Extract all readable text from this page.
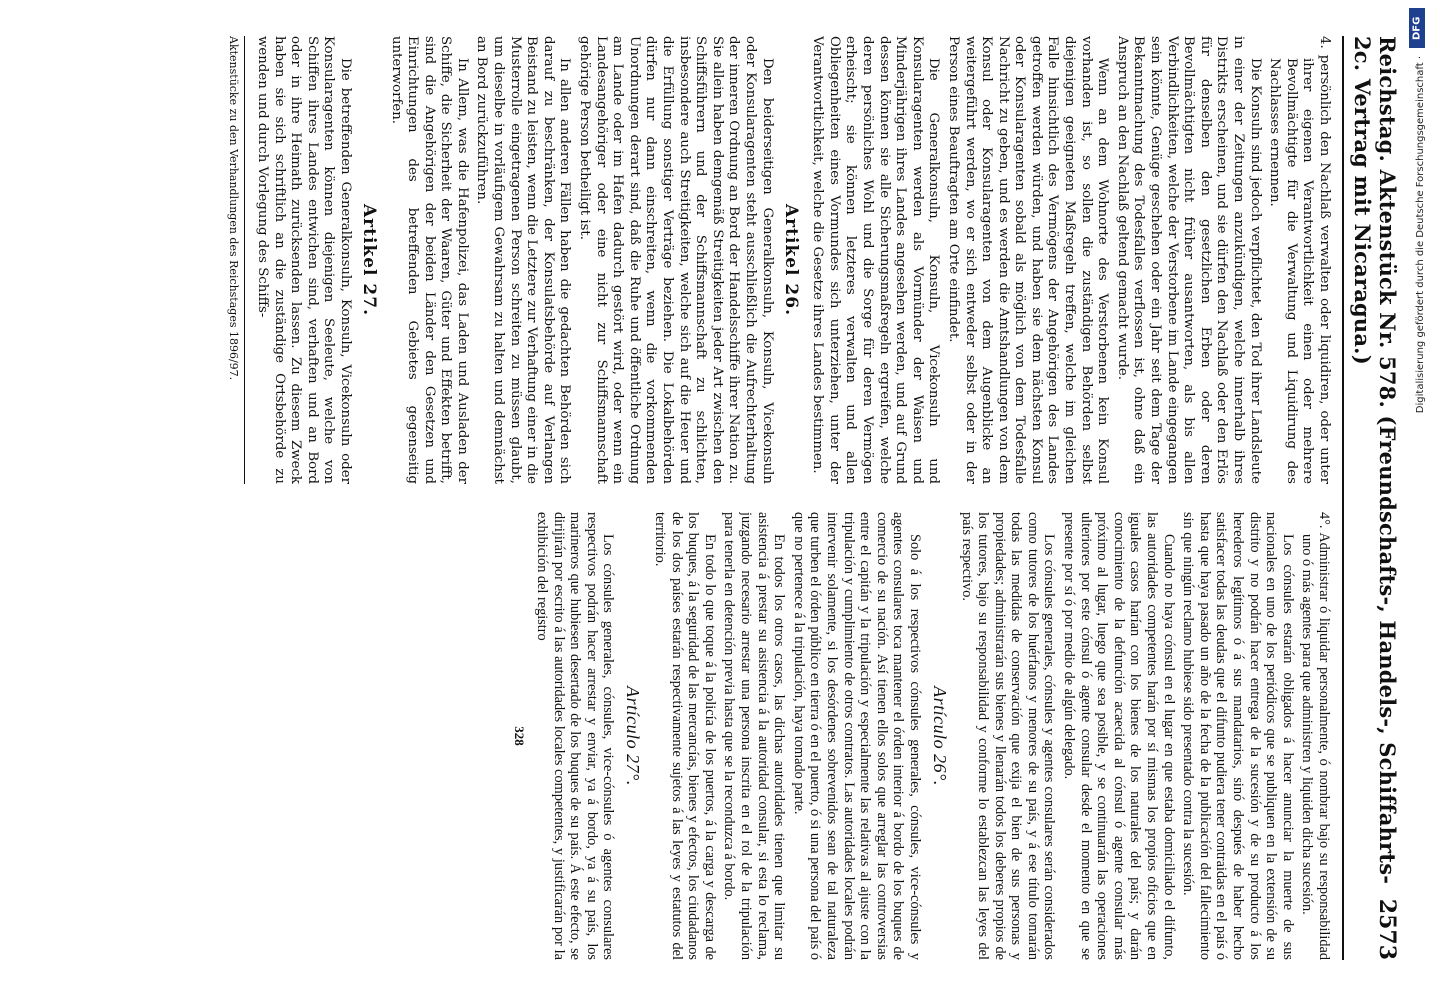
Reichstag. Aktenstück Nr. 578. (Freundschafts-, Handels-, Schiffahrts- 2c. Vertrag mit Nicaragua.)
2573

4. persönlich den Nachlaß verwalten oder liquidiren, oder unter ihrer eigenen Verantwortlichkeit einen oder mehrere Bevollmächtigte für die Verwaltung und Liquidirung des Nachlasses ernennen.

Die Konsuln sind jedoch verpflichtet, den Tod ihrer Landsleute in einer der Zeitungen anzukündigen, welche innerhalb ihres Distrikts erscheinen, und sie dürfen den Nachlaß oder den Erlös für denselben den gesetzlichen Erben oder deren Bevollmächtigten nicht früher ausantworten, als bis allen Verbindlichkeiten, welche der Verstorbene im Lande eingegangen sein könnte, Genüge geschehen oder ein Jahr seit dem Tage der Bekanntmachung des Todesfalles verflossen ist, ohne daß ein Anspruch an den Nachlaß geltend gemacht wurde.

Wenn an dem Wohnorte des Verstorbenen kein Konsul vorhanden ist, so sollen die zuständigen Behörden selbst diejenigen geeigneten Maßregeln treffen, welche im gleichen Falle hinsichtlich des Vermögens der Angehörigen des Landes getroffen werden würden, und haben sie dem nächsten Konsul oder Konsularagenten sobald als möglich von dem Todesfalle Nachricht zu geben, und es werden die Amtshandlungen von dem Konsul oder Konsularagenten von dem Augenblicke an weitergeführt werden, wo er sich entweder selbst oder in der Person eines Beauftragten am Orte einfindet.

Die Generalkonsuln, Konsuln, Vicekonsuln und Konsularagenten werden als Vormünder der Waisen und Minderjährigen ihres Landes angesehen werden, und auf Grund dessen können sie alle Sicherungsmaßregeln ergreifen, welche deren persönliches Wohl und die Sorge für deren Vermögen erheischt; sie können letzteres verwalten und allen Obliegenheiten eines Vormundes sich unterziehen, unter der Verantwortlichkeit, welche die Gesetze ihres Landes bestimmen.

Artikel 26.

Den beiderseitigen Generalkonsuln, Konsuln, Vicekonsuln oder Konsularagenten steht ausschließlich die Aufrechterhaltung der inneren Ordnung an Bord der Handelsschiffe ihrer Nation zu. Sie allein haben demgemäß Streitigkeiten jeder Art zwischen den Schiffsführern und der Schiffsmannschaft zu schlichten, insbesondere auch Streitigkeiten, welche sich auf die Heuer und die Erfüllung sonstiger Verträge beziehen. Die Lokalbehörden dürfen nur dann einschreiten, wenn die vorkommenden Unordnungen derart sind, daß die Ruhe und öffentliche Ordnung am Lande oder im Hafen dadurch gestört wird, oder wenn ein Landesangehöriger oder eine nicht zur Schiffsmannschaft gehörige Person betheiligt ist.

In allen anderen Fällen haben die gedachten Behörden sich darauf zu beschränken, der Konsulatsbehörde auf Verlangen Beistand zu leisten, wenn die Letztere zur Verhaftung einer in die Musterrolle eingetragenen Person schreiten zu müssen glaubt, um dieselbe in vorläufigem Gewahrsam zu halten und demnächst an Bord zurückzuführen.

In Allem, was die Hafenpolizei, das Laden und Ausladen der Schiffe, die Sicherheit der Waaren, Güter und Effekten betrifft, sind die Angehörigen der beiden Länder den Gesetzen und Einrichtungen des betreffenden Gebietes gegenseitig unterworfen.

Artikel 27.

Die betreffenden Generalkonsuln, Konsuln, Vicekonsuln oder Konsularagenten können diejenigen Seeleute, welche von Schiffen ihres Landes entwichen sind, verhaften und an Bord oder in ihre Heimath zurücksenden lassen. Zu diesem Zweck haben sie sich schriftlich an die zuständige Ortsbehörde zu wenden und durch Vorlegung des Schiffs-

Aktenstücke zu den Verhandlungen des Reichstages 1896/97.

4°. Administrar ó liquidar personalmente, ó nombrar bajo su responsabilidad uno ó más agentes para que administren y liquiden dicha sucesión.

Los cónsules estarán obligados á hacer anunciar la muerte de sus nacionales en uno de los periódicos que se publiquen en la extensión de su distrito y no podrán hacer entrega de la sucesión y de su producto á los herederos legítimos ó á sus mandatarios, sinó después de haber hecho satisfacer todas las deudas que el difunto pudiera tener contraidas en el país ó hasta que haya pasado un año de la fecha de la publicación del fallecimiento sin que ningún reclamo hubiese sido presentado contra la sucesión.

Cuando no haya cónsul en el lugar en que estaba domiciliado el difunto, las autoridades competentes harán por sí mismas los propios oficios que en iguales casos harían con los bienes de los naturales del país; y darán conocimiento de la defunción acaecida al cónsul ó agente consular más próximo al lugar, luego que sea posible, y se continuarán las operaciones ulteriores por este cónsul ó agente consular desde el momento en que se presente por sí ó por medio de algún delegado.

Los cónsules generales, cónsules y agentes consulares serán considerados como tutores de los huérfanos y menores de su país, y á ese título tomarán todas las medidas de conservación que exija el bien de sus personas y propiedades; administrarán sus bienes y llenarán todos los deberes propios de los tutores, bajo su responsabilidad y conforme lo establezcan las leyes del país respectivo.

Artículo 26°.

Solo á los respectivos cónsules generales, cónsules, vice-cónsules y agentes consulares toca mantener el órden interior á bordo de los buques de comercio de su nación. Así tienen ellos solos que arreglar las controversias entre el capitán y la tripulación y especialmente las relativas al ajuste con la tripulación y cumplimiento de otros contratos. Las autoridades locales podrán intervenir solamente, si los desórdenes sobrevenidos sean de tal naturaleza que turben el órden público en tierra ó en el puerto, ó si una persona del país ó que no pertenece á la tripulación, haya tomado parte.

En todos los otros casos, las dichas autoridades tienen que limitar su asistencia á prestar su asistencia á la autoridad consular, si esta lo reclama, juzgando necesario arrestar una persona inscrita en el rol de la tripulación para tenerla en detención previa hasta que se la reconduzca á bordo.

En todo lo que toque á la policía de los puertos, á la carga y descarga de los buques, á la seguridad de las mercancías, bienes y efectos, los ciudadanos de los dos países estarán respectivamente sujetos á las leyes y estatutos del territorio.

Artículo 27°.

Los cónsules generales, cónsules, vice-cónsules ó agentes consulares respectivos podrán hacer arrestar y enviar, ya á bordo, ya á su país, los marineros que hubiesen desertado de los buques de su país. Á este efecto, se dirijirán por escrito á las autoridades locales competentes, y justificarán por la exhibición del registro

328

DFG
Digitalisierung gefördert durch die Deutsche Forschungsgemeinschaft ·
